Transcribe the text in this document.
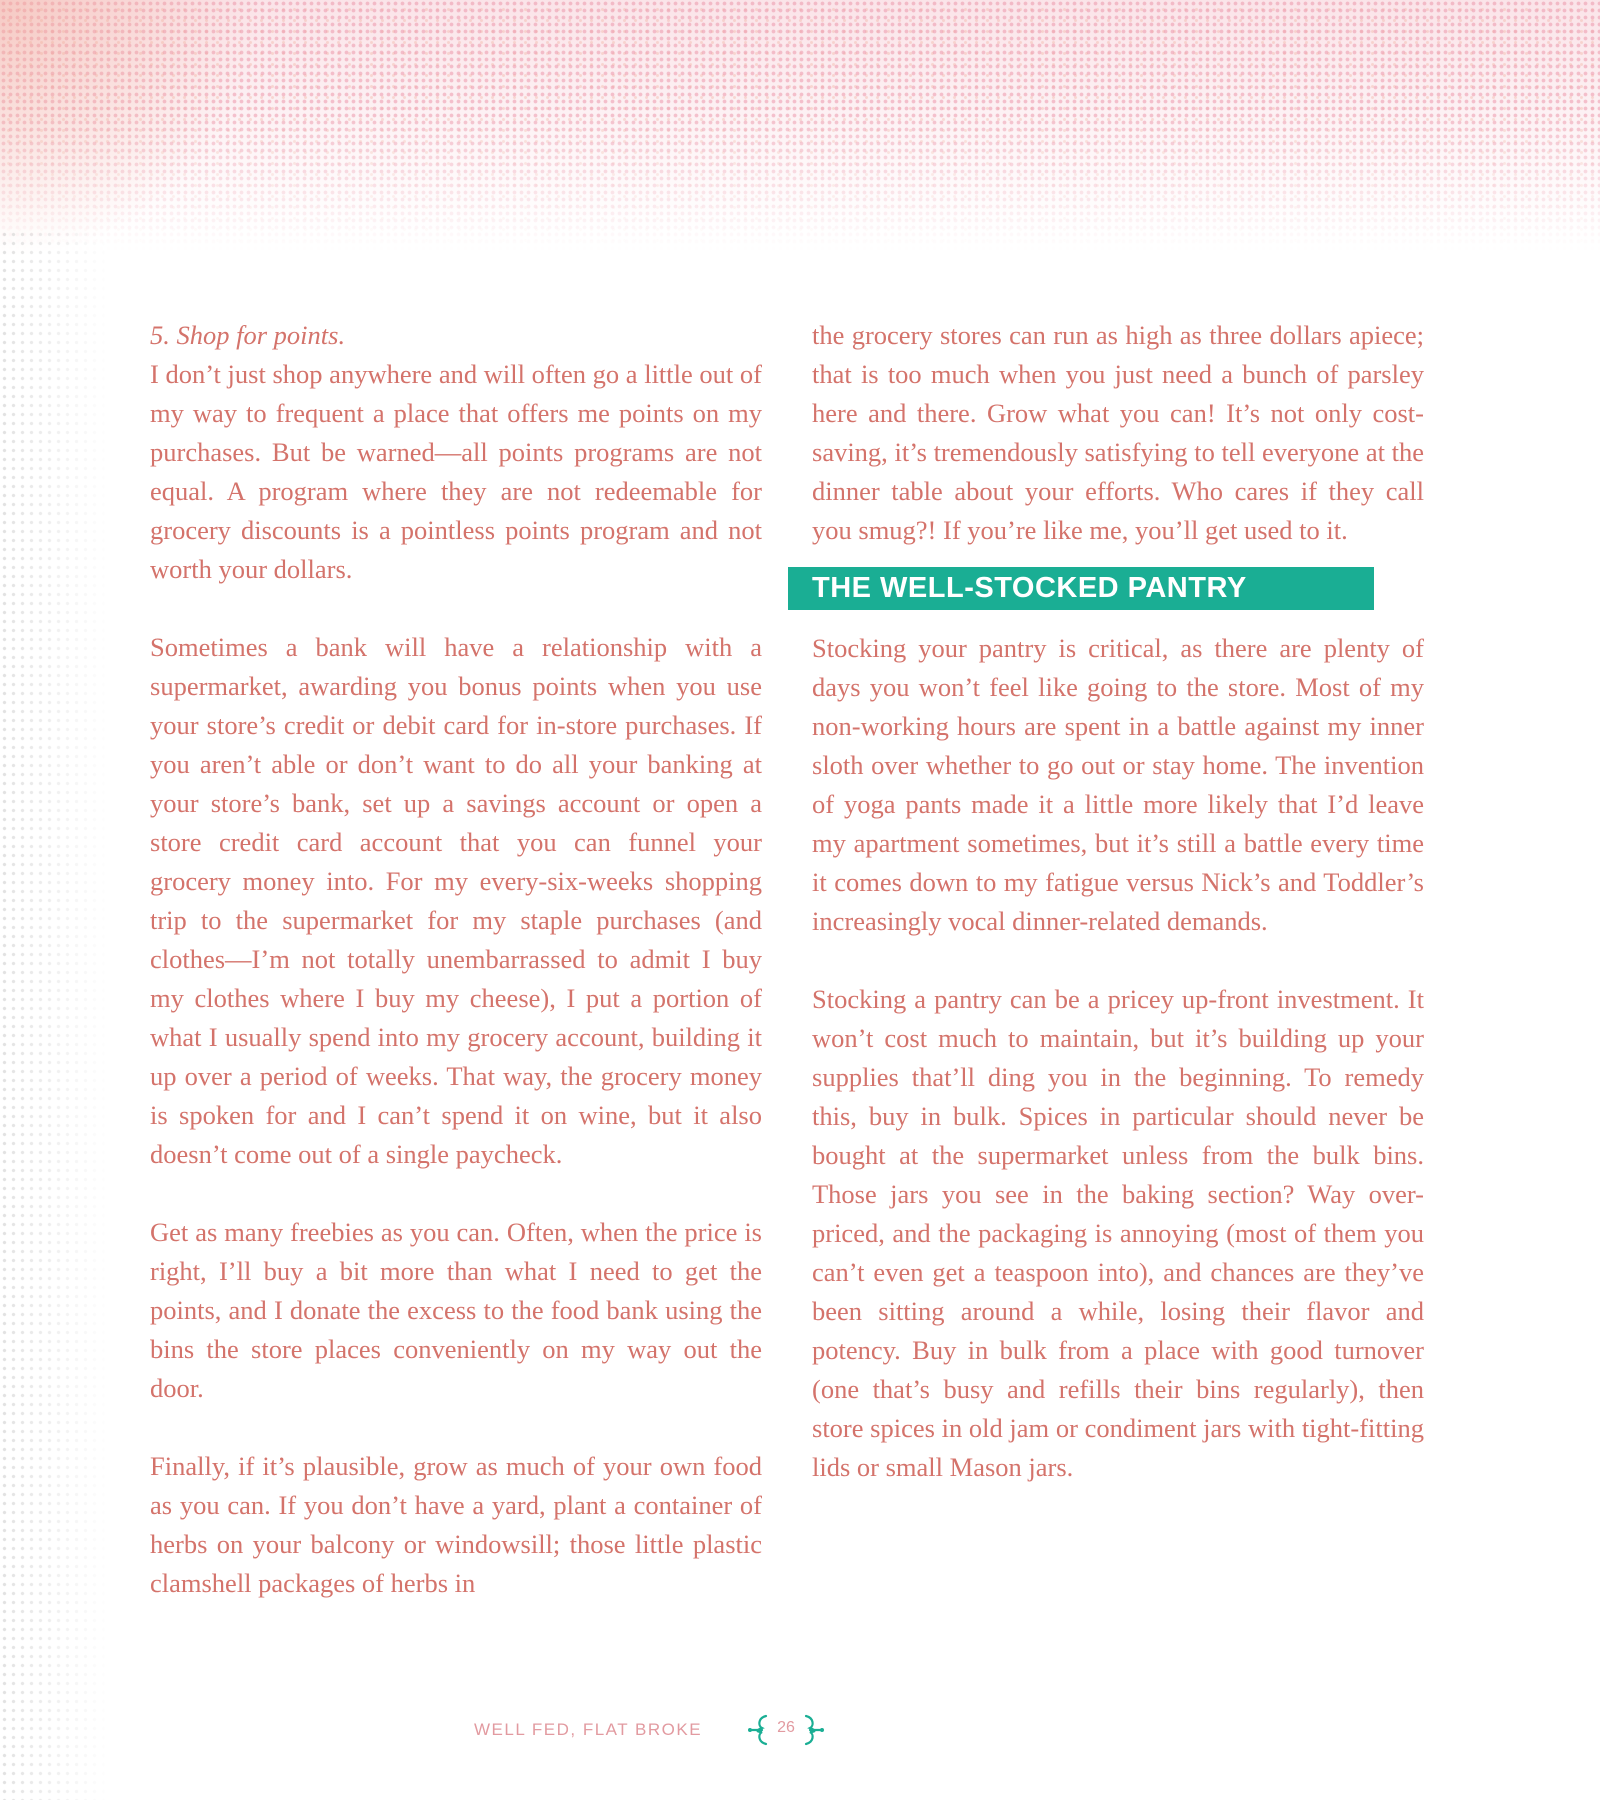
5. Shop for points.

I don’t just shop anywhere and will often go a little out of my way to frequent a place that offers me points on my purchases. But be warned—all points programs are not equal. A program where they are not redeemable for grocery discounts is a pointless points program and not worth your dollars.

Sometimes a bank will have a relationship with a supermarket, awarding you bonus points when you use your store’s credit or debit card for in-store purchases. If you aren’t able or don’t want to do all your banking at your store’s bank, set up a savings account or open a store credit card account that you can funnel your grocery money into. For my every-six-weeks shopping trip to the supermarket for my staple purchases (and clothes—I’m not totally unembarrassed to admit I buy my clothes where I buy my cheese), I put a portion of what I usually spend into my grocery account, building it up over a period of weeks. That way, the grocery money is spoken for and I can’t spend it on wine, but it also doesn’t come out of a single paycheck.

Get as many freebies as you can. Often, when the price is right, I’ll buy a bit more than what I need to get the points, and I donate the excess to the food bank using the bins the store places conveniently on my way out the door.

Finally, if it’s plausible, grow as much of your own food as you can. If you don’t have a yard, plant a container of herbs on your balcony or windowsill; those little plastic clamshell packages of herbs in

the grocery stores can run as high as three dollars apiece; that is too much when you just need a bunch of parsley here and there. Grow what you can! It’s not only cost-saving, it’s tremendously satisfying to tell everyone at the dinner table about your efforts. Who cares if they call you smug?! If you’re like me, you’ll get used to it.

THE WELL-STOCKED PANTRY

Stocking your pantry is critical, as there are plenty of days you won’t feel like going to the store. Most of my non-working hours are spent in a battle against my inner sloth over whether to go out or stay home. The invention of yoga pants made it a little more likely that I’d leave my apartment sometimes, but it’s still a battle every time it comes down to my fatigue versus Nick’s and Toddler’s increasingly vocal dinner-related demands.

Stocking a pantry can be a pricey up-front investment. It won’t cost much to maintain, but it’s building up your supplies that’ll ding you in the beginning. To remedy this, buy in bulk. Spices in particular should never be bought at the supermarket unless from the bulk bins. Those jars you see in the baking section? Way over-priced, and the packaging is annoying (most of them you can’t even get a teaspoon into), and chances are they’ve been sitting around a while, losing their flavor and potency. Buy in bulk from a place with good turnover (one that’s busy and refills their bins regularly), then store spices in old jam or condiment jars with tight-fitting lids or small Mason jars.

WELL FED, FLAT BROKE	26
